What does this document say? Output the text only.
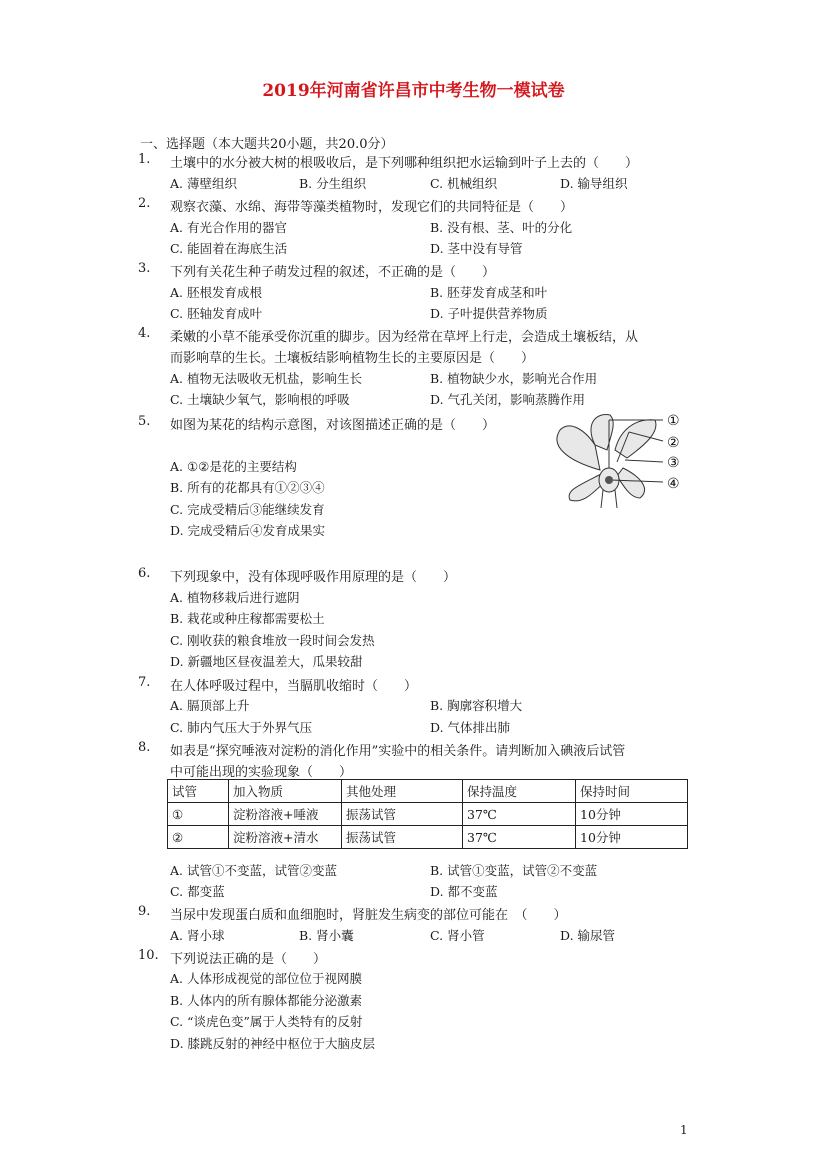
2019年河南省许昌市中考生物一模试卷
一、选择题（本大题共20小题，共20.0分）
1. 土壤中的水分被大树的根吸收后，是下列哪种组织把水运输到叶子上去的（　　）
A. 薄壁组织	B. 分生组织	C. 机械组织	D. 输导组织
2. 观察衣藻、水绵、海带等藻类植物时，发现它们的共同特征是（　　）
A. 有光合作用的器官	B. 没有根、茎、叶的分化
C. 能固着在海底生活	D. 茎中没有导管
3. 下列有关花生种子萌发过程的叙述，不正确的是（　　）
A. 胚根发育成根	B. 胚芽发育成茎和叶
C. 胚轴发育成叶	D. 子叶提供营养物质
4. 柔嫩的小草不能承受你沉重的脚步。因为经常在草坪上行走，会造成土壤板结，从
而影响草的生长。土壤板结影响植物生长的主要原因是（　　）
A. 植物无法吸收无机盐，影响生长	B. 植物缺少水，影响光合作用
C. 土壤缺少氧气，影响根的呼吸	D. 气孔关闭，影响蒸腾作用
5. 如图为某花的结构示意图，对该图描述正确的是（　　）
A. ①②是花的主要结构
B. 所有的花都具有①②③④
C. 完成受精后③能继续发育
D. 完成受精后④发育成果实
①
②
③
④
6. 下列现象中，没有体现呼吸作用原理的是（　　）
A. 植物移栽后进行遮阴
B. 栽花或种庄稼都需要松土
C. 刚收获的粮食堆放一段时间会发热
D. 新疆地区昼夜温差大，瓜果较甜
7. 在人体呼吸过程中，当膈肌收缩时（　　）
A. 膈顶部上升	B. 胸廓容积增大
C. 肺内气压大于外界气压	D. 气体排出肺
8. 如表是“探究唾液对淀粉的消化作用”实验中的相关条件。请判断加入碘液后试管
中可能出现的实验现象（　　）
试管	加入物质	其他处理	保持温度	保持时间
①	淀粉溶液+唾液	振荡试管	37℃	10分钟
②	淀粉溶液+清水	振荡试管	37℃	10分钟
A. 试管①不变蓝，试管②变蓝	B. 试管①变蓝，试管②不变蓝
C. 都变蓝	D. 都不变蓝
9. 当尿中发现蛋白质和血细胞时，肾脏发生病变的部位可能在　（　　）
A. 肾小球	B. 肾小囊	C. 肾小管	D. 输尿管
10. 下列说法正确的是（　　）
A. 人体形成视觉的部位位于视网膜
B. 人体内的所有腺体都能分泌激素
C. “谈虎色变”属于人类特有的反射
D. 膝跳反射的神经中枢位于大脑皮层
1
